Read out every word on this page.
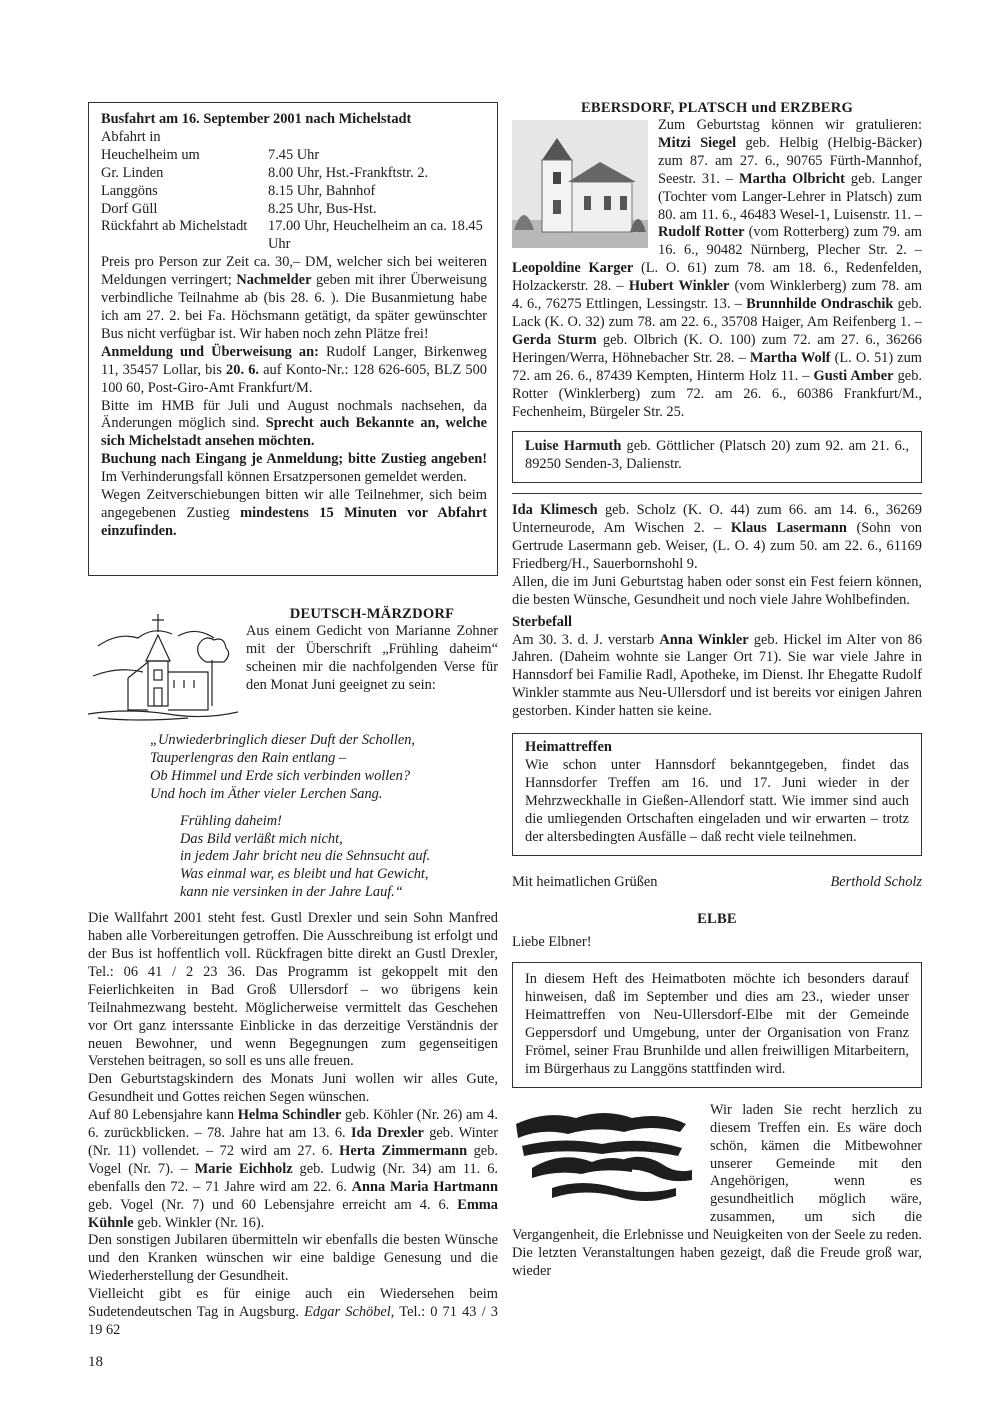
Busfahrt am 16. September 2001 nach Michelstadt

Abfahrt in

Heuchelheim um	7.45 Uhr
Gr. Linden	8.00 Uhr, Hst.-Frankftstr. 2.
Langgöns	8.15 Uhr, Bahnhof
Dorf Güll	8.25 Uhr, Bus-Hst.
Rückfahrt ab Michelstadt	17.00 Uhr, Heuchelheim an ca. 18.45 Uhr

Preis pro Person zur Zeit ca. 30,– DM, welcher sich bei weiteren Meldungen verringert; Nachmelder geben mit ihrer Überweisung verbindliche Teilnahme ab (bis 28. 6. ). Die Busanmietung habe ich am 27. 2. bei Fa. Höchsmann getätigt, da später gewünschter Bus nicht verfügbar ist. Wir haben noch zehn Plätze frei!

Anmeldung und Überweisung an: Rudolf Langer, Birkenweg 11, 35457 Lollar, bis 20. 6. auf Konto-Nr.: 128 626-605, BLZ 500 100 60, Post-Giro-Amt Frankfurt/M.

Bitte im HMB für Juli und August nochmals nachsehen, da Änderungen möglich sind. Sprecht auch Bekannte an, welche sich Michelstadt ansehen möchten.

Buchung nach Eingang je Anmeldung; bitte Zustieg angeben! Im Verhinderungsfall können Ersatzpersonen gemeldet werden.

Wegen Zeitverschiebungen bitten wir alle Teilnehmer, sich beim angegebenen Zustieg mindestens 15 Minuten vor Abfahrt einzufinden.

DEUTSCH-MÄRZDORF

Aus einem Gedicht von Marianne Zohner mit der Überschrift „Frühling daheim“ scheinen mir die nachfolgenden Verse für den Monat Juni geeignet zu sein:

„Unwiederbringlich dieser Duft der Schollen,

Tauperlengras den Rain entlang –

Ob Himmel und Erde sich verbinden wollen?

Und hoch im Äther vieler Lerchen Sang.

Frühling daheim!

Das Bild verläßt mich nicht,

in jedem Jahr bricht neu die Sehnsucht auf.

Was einmal war, es bleibt und hat Gewicht,

kann nie versinken in der Jahre Lauf.“

Die Wallfahrt 2001 steht fest. Gustl Drexler und sein Sohn Manfred haben alle Vorbereitungen getroffen. Die Ausschreibung ist erfolgt und der Bus ist hoffentlich voll. Rückfragen bitte direkt an Gustl Drexler, Tel.: 06 41 / 2 23 36. Das Programm ist gekoppelt mit den Feierlichkeiten in Bad Groß Ullersdorf – wo übrigens kein Teilnahmezwang besteht. Möglicherweise vermittelt das Geschehen vor Ort ganz interssante Einblicke in das derzeitige Verständnis der neuen Bewohner, und wenn Begegnungen zum gegenseitigen Verstehen beitragen, so soll es uns alle freuen.

Den Geburtstagskindern des Monats Juni wollen wir alles Gute, Gesundheit und Gottes reichen Segen wünschen.

Auf 80 Lebensjahre kann Helma Schindler geb. Köhler (Nr. 26) am 4. 6. zurückblicken. – 78. Jahre hat am 13. 6. Ida Drexler geb. Winter (Nr. 11) vollendet. – 72 wird am 27. 6. Herta Zimmermann geb. Vogel (Nr. 7). – Marie Eichholz geb. Ludwig (Nr. 34) am 11. 6. ebenfalls den 72. – 71 Jahre wird am 22. 6. Anna Maria Hartmann geb. Vogel (Nr. 7) und 60 Lebensjahre erreicht am 4. 6. Emma Kühnle geb. Winkler (Nr. 16).

Den sonstigen Jubilaren übermitteln wir ebenfalls die besten Wünsche und den Kranken wünschen wir eine baldige Genesung und die Wiederherstellung der Gesundheit.

Vielleicht gibt es für einige auch ein Wiedersehen beim Sudetendeutschen Tag in Augsburg. Edgar Schöbel, Tel.: 0 71 43 / 3 19 62

EBERSDORF, PLATSCH und ERZBERG

Zum Geburtstag können wir gratulieren: Mitzi Siegel geb. Helbig (Helbig-Bäcker) zum 87. am 27. 6., 90765 Fürth-Mannhof, Seestr. 31. – Martha Olbricht geb. Langer (Tochter vom Langer-Lehrer in Platsch) zum 80. am 11. 6., 46483 Wesel-1, Luisenstr. 11. – Rudolf Rotter (vom Rotterberg) zum 79. am 16. 6., 90482 Nürnberg, Plecher Str. 2. – Leopoldine Karger (L. O. 61) zum 78. am 18. 6., Redenfelden, Holzackerstr. 28. – Hubert Winkler (vom Winklerberg) zum 78. am 4. 6., 76275 Ettlingen, Lessingstr. 13. – Brunnhilde Ondraschik geb. Lack (K. O. 32) zum 78. am 22. 6., 35708 Haiger, Am Reifenberg 1. – Gerda Sturm geb. Olbrich (K. O. 100) zum 72. am 27. 6., 36266 Heringen/Werra, Höhnebacher Str. 28. – Martha Wolf (L. O. 51) zum 72. am 26. 6., 87439 Kempten, Hinterm Holz 11. – Gusti Amber geb. Rotter (Winklerberg) zum 72. am 26. 6., 60386 Frankfurt/M., Fechenheim, Bürgeler Str. 25.

Luise Harmuth geb. Göttlicher (Platsch 20) zum 92. am 21. 6., 89250 Senden-3, Dalienstr.

Ida Klimesch geb. Scholz (K. O. 44) zum 66. am 14. 6., 36269 Unterneurode, Am Wischen 2. – Klaus Lasermann (Sohn von Gertrude Lasermann geb. Weiser, (L. O. 4) zum 50. am 22. 6., 61169 Friedberg/H., Sauerbornshohl 9.

Allen, die im Juni Geburtstag haben oder sonst ein Fest feiern können, die besten Wünsche, Gesundheit und noch viele Jahre Wohlbefinden.

Sterbefall

Am 30. 3. d. J. verstarb Anna Winkler geb. Hickel im Alter von 86 Jahren. (Daheim wohnte sie Langer Ort 71). Sie war viele Jahre in Hannsdorf bei Familie Radl, Apotheke, im Dienst. Ihr Ehegatte Rudolf Winkler stammte aus Neu-Ullersdorf und ist bereits vor einigen Jahren gestorben. Kinder hatten sie keine.

Heimattreffen

Wie schon unter Hannsdorf bekanntgegeben, findet das Hannsdorfer Treffen am 16. und 17. Juni wieder in der Mehrzweckhalle in Gießen-Allendorf statt. Wie immer sind auch die umliegenden Ortschaften eingeladen und wir erwarten – trotz der altersbedingten Ausfälle – daß recht viele teilnehmen.

Mit heimatlichen Grüßen	Berthold Scholz

ELBE

Liebe Elbner!

In diesem Heft des Heimatboten möchte ich besonders darauf hinweisen, daß im September und dies am 23., wieder unser Heimattreffen von Neu-Ullersdorf-Elbe mit der Gemeinde Geppersdorf und Umgebung, unter der Organisation von Franz Frömel, seiner Frau Brunhilde und allen freiwilligen Mitarbeitern, im Bürgerhaus zu Langgöns stattfinden wird.

Wir laden Sie recht herzlich zu diesem Treffen ein. Es wäre doch schön, kämen die Mitbewohner unserer Gemeinde mit den Angehörigen, wenn es gesundheitlich möglich wäre, zusammen, um sich die Vergangenheit, die Erlebnisse und Neuigkeiten von der Seele zu reden. Die letzten Veranstaltungen haben gezeigt, daß die Freude groß war, wieder

18
